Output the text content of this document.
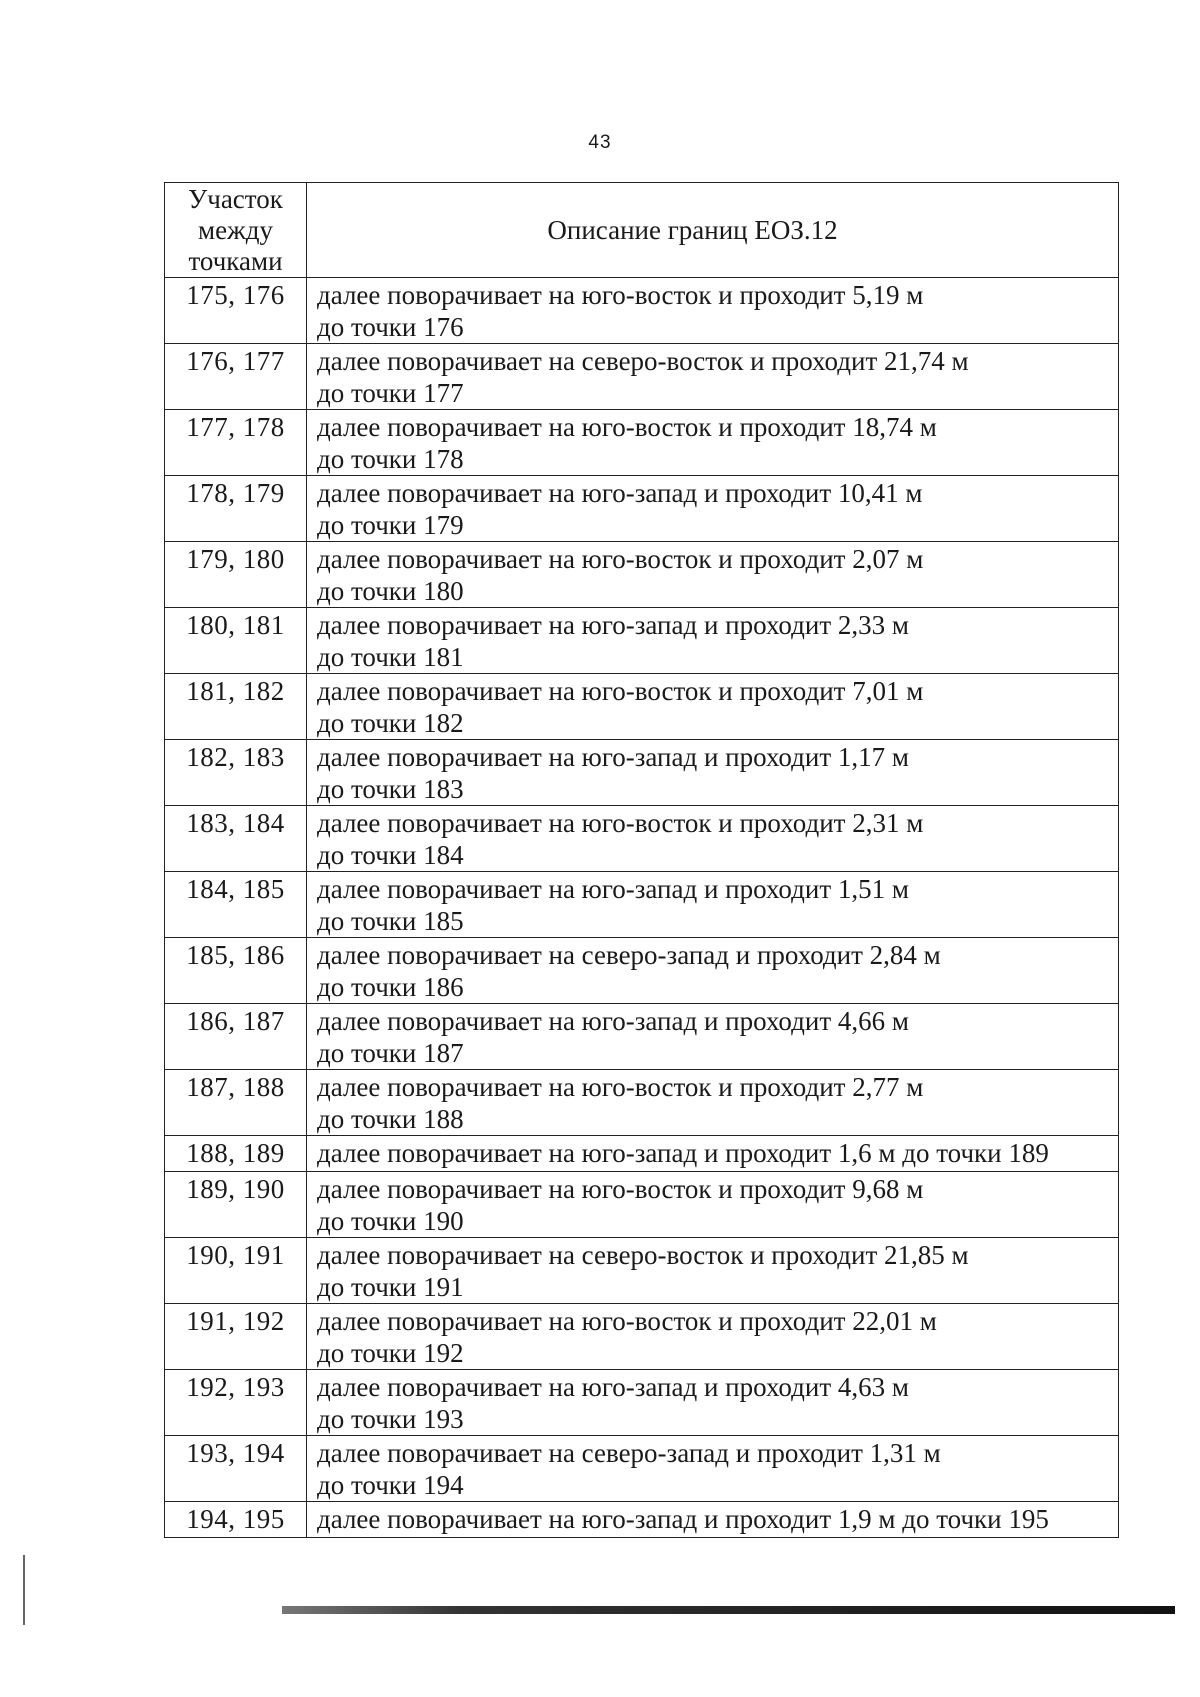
43
Участок
между
точками	Описание границ ЕОЗ.12
175, 176	далее поворачивает на юго-восток и проходит 5,19 м
до точки 176

176, 177	далее поворачивает на северо-восток и проходит 21,74 м
до точки 177

177, 178	далее поворачивает на юго-восток и проходит 18,74 м
до точки 178

178, 179	далее поворачивает на юго-запад и проходит 10,41 м
до точки 179

179, 180	далее поворачивает на юго-восток и проходит 2,07 м
до точки 180

180, 181	далее поворачивает на юго-запад и проходит 2,33 м
до точки 181

181, 182	далее поворачивает на юго-восток и проходит 7,01 м
до точки 182

182, 183	далее поворачивает на юго-запад и проходит 1,17 м
до точки 183

183, 184	далее поворачивает на юго-восток и проходит 2,31 м
до точки 184

184, 185	далее поворачивает на юго-запад и проходит 1,51 м
до точки 185

185, 186	далее поворачивает на северо-запад и проходит 2,84 м
до точки 186

186, 187	далее поворачивает на юго-запад и проходит 4,66 м
до точки 187

187, 188	далее поворачивает на юго-восток и проходит 2,77 м
до точки 188

188, 189	далее поворачивает на юго-запад и проходит 1,6 м до точки 189

189, 190	далее поворачивает на юго-восток и проходит 9,68 м
до точки 190

190, 191	далее поворачивает на северо-восток и проходит 21,85 м
до точки 191

191, 192	далее поворачивает на юго-восток и проходит 22,01 м
до точки 192

192, 193	далее поворачивает на юго-запад и проходит 4,63 м
до точки 193

193, 194	далее поворачивает на северо-запад и проходит 1,31 м
до точки 194

194, 195	далее поворачивает на юго-запад и проходит 1,9 м до точки 195
